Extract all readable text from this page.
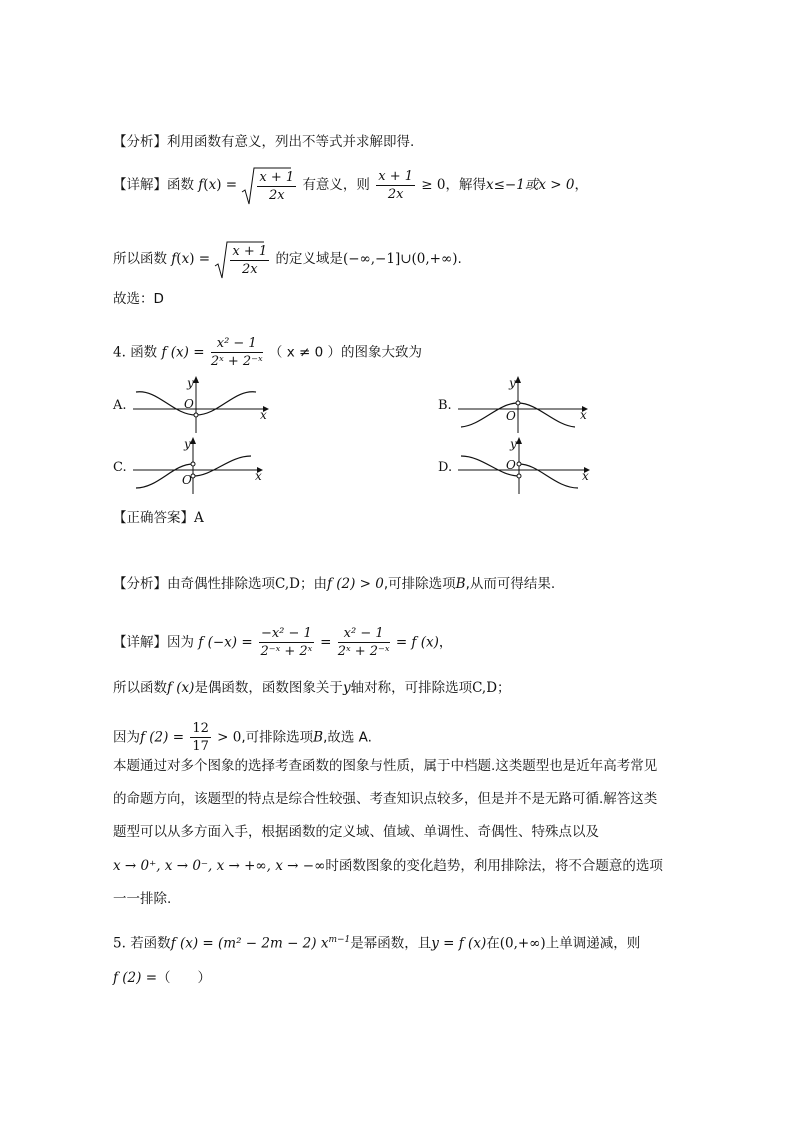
【分析】利用函数有意义，列出不等式并求解即得.
【详解】函数 $f(x) = \frac{x + 1}{2x}$ 有意义，则 $\frac{x + 1}{2x} \ge 0$，解得x≤−1或x > 0，
所以函数 $f(x) = \frac{x + 1}{2x}$ 的定义域是(−∞,−1]∪(0,+∞).
故选：D
4. 函数 f $(x) = \frac{\text{x² − 1}}{\text{2ˣ + 2⁻ˣ}}$ （ x ≠ 0 ）的图象大致为
A.	B.
C.	D.
y
x
O
y
x
O
y
x
O
y
x
O
【正确答案】A
【分析】由奇偶性排除选项C,D；由f (2) > 0,可排除选项B,从而可得结果.
【详解】因为 f $(-x) = \frac{\text{−x² − 1}}{\text{2⁻ˣ + 2ˣ}} = \frac{\text{x² − 1}}{\text{2ˣ + 2⁻ˣ}} = f$ (x)，
所以函数f (x)是偶函数，函数图象关于y轴对称，可排除选项C,D；
因为f $(2) = \frac{12}{17} > 0$,可排除选项B,故选 A.
本题通过对多个图象的选择考查函数的图象与性质，属于中档题.这类题型也是近年高考常见
的命题方向，该题型的特点是综合性较强、考查知识点较多，但是并不是无路可循.解答这类
题型可以从多方面入手，根据函数的定义域、值域、单调性、奇偶性、特殊点以及
x → 0⁺, x → 0⁻, x → +∞, x → −∞时函数图象的变化趋势，利用排除法，将不合题意的选项
一一排除.
5. 若函数f (x) = (m² − 2m − 2) $x^{m-1}$是幂函数，且y = f (x)在(0,+∞)上单调递减，则
f (2) =（　　）
